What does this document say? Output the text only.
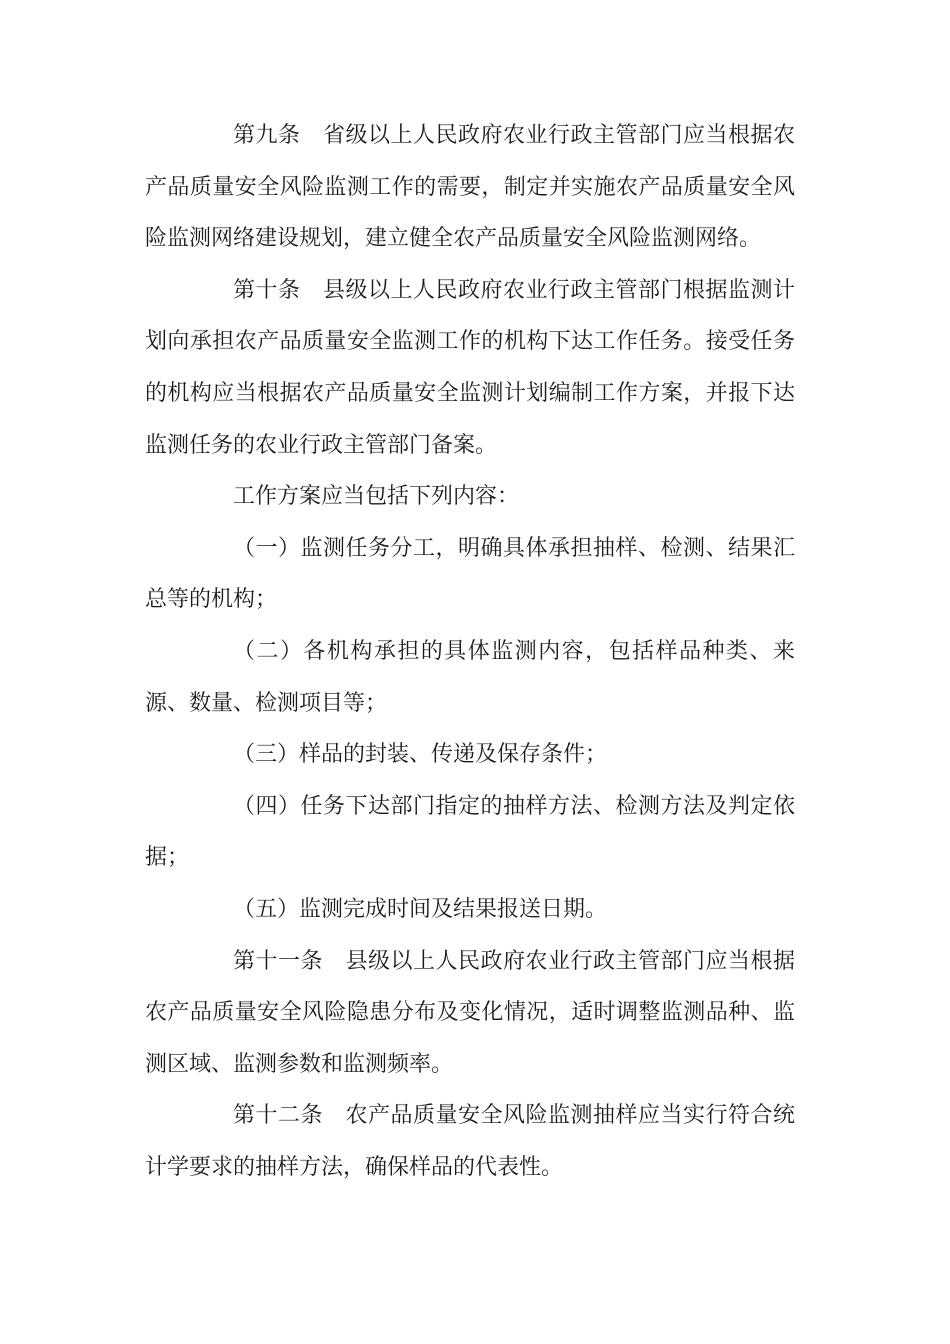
第九条　省级以上人民政府农业行政主管部门应当根据农
产品质量安全风险监测工作的需要，制定并实施农产品质量安全风
险监测网络建设规划，建立健全农产品质量安全风险监测网络。
第十条　县级以上人民政府农业行政主管部门根据监测计
划向承担农产品质量安全监测工作的机构下达工作任务。接受任务
的机构应当根据农产品质量安全监测计划编制工作方案，并报下达
监测任务的农业行政主管部门备案。
工作方案应当包括下列内容：
（一）监测任务分工，明确具体承担抽样、检测、结果汇
总等的机构；
（二）各机构承担的具体监测内容，包括样品种类、来
源、数量、检测项目等；
（三）样品的封装、传递及保存条件；
（四）任务下达部门指定的抽样方法、检测方法及判定依
据；
（五）监测完成时间及结果报送日期。
第十一条　县级以上人民政府农业行政主管部门应当根据
农产品质量安全风险隐患分布及变化情况，适时调整监测品种、监
测区域、监测参数和监测频率。
第十二条　农产品质量安全风险监测抽样应当实行符合统
计学要求的抽样方法，确保样品的代表性。
